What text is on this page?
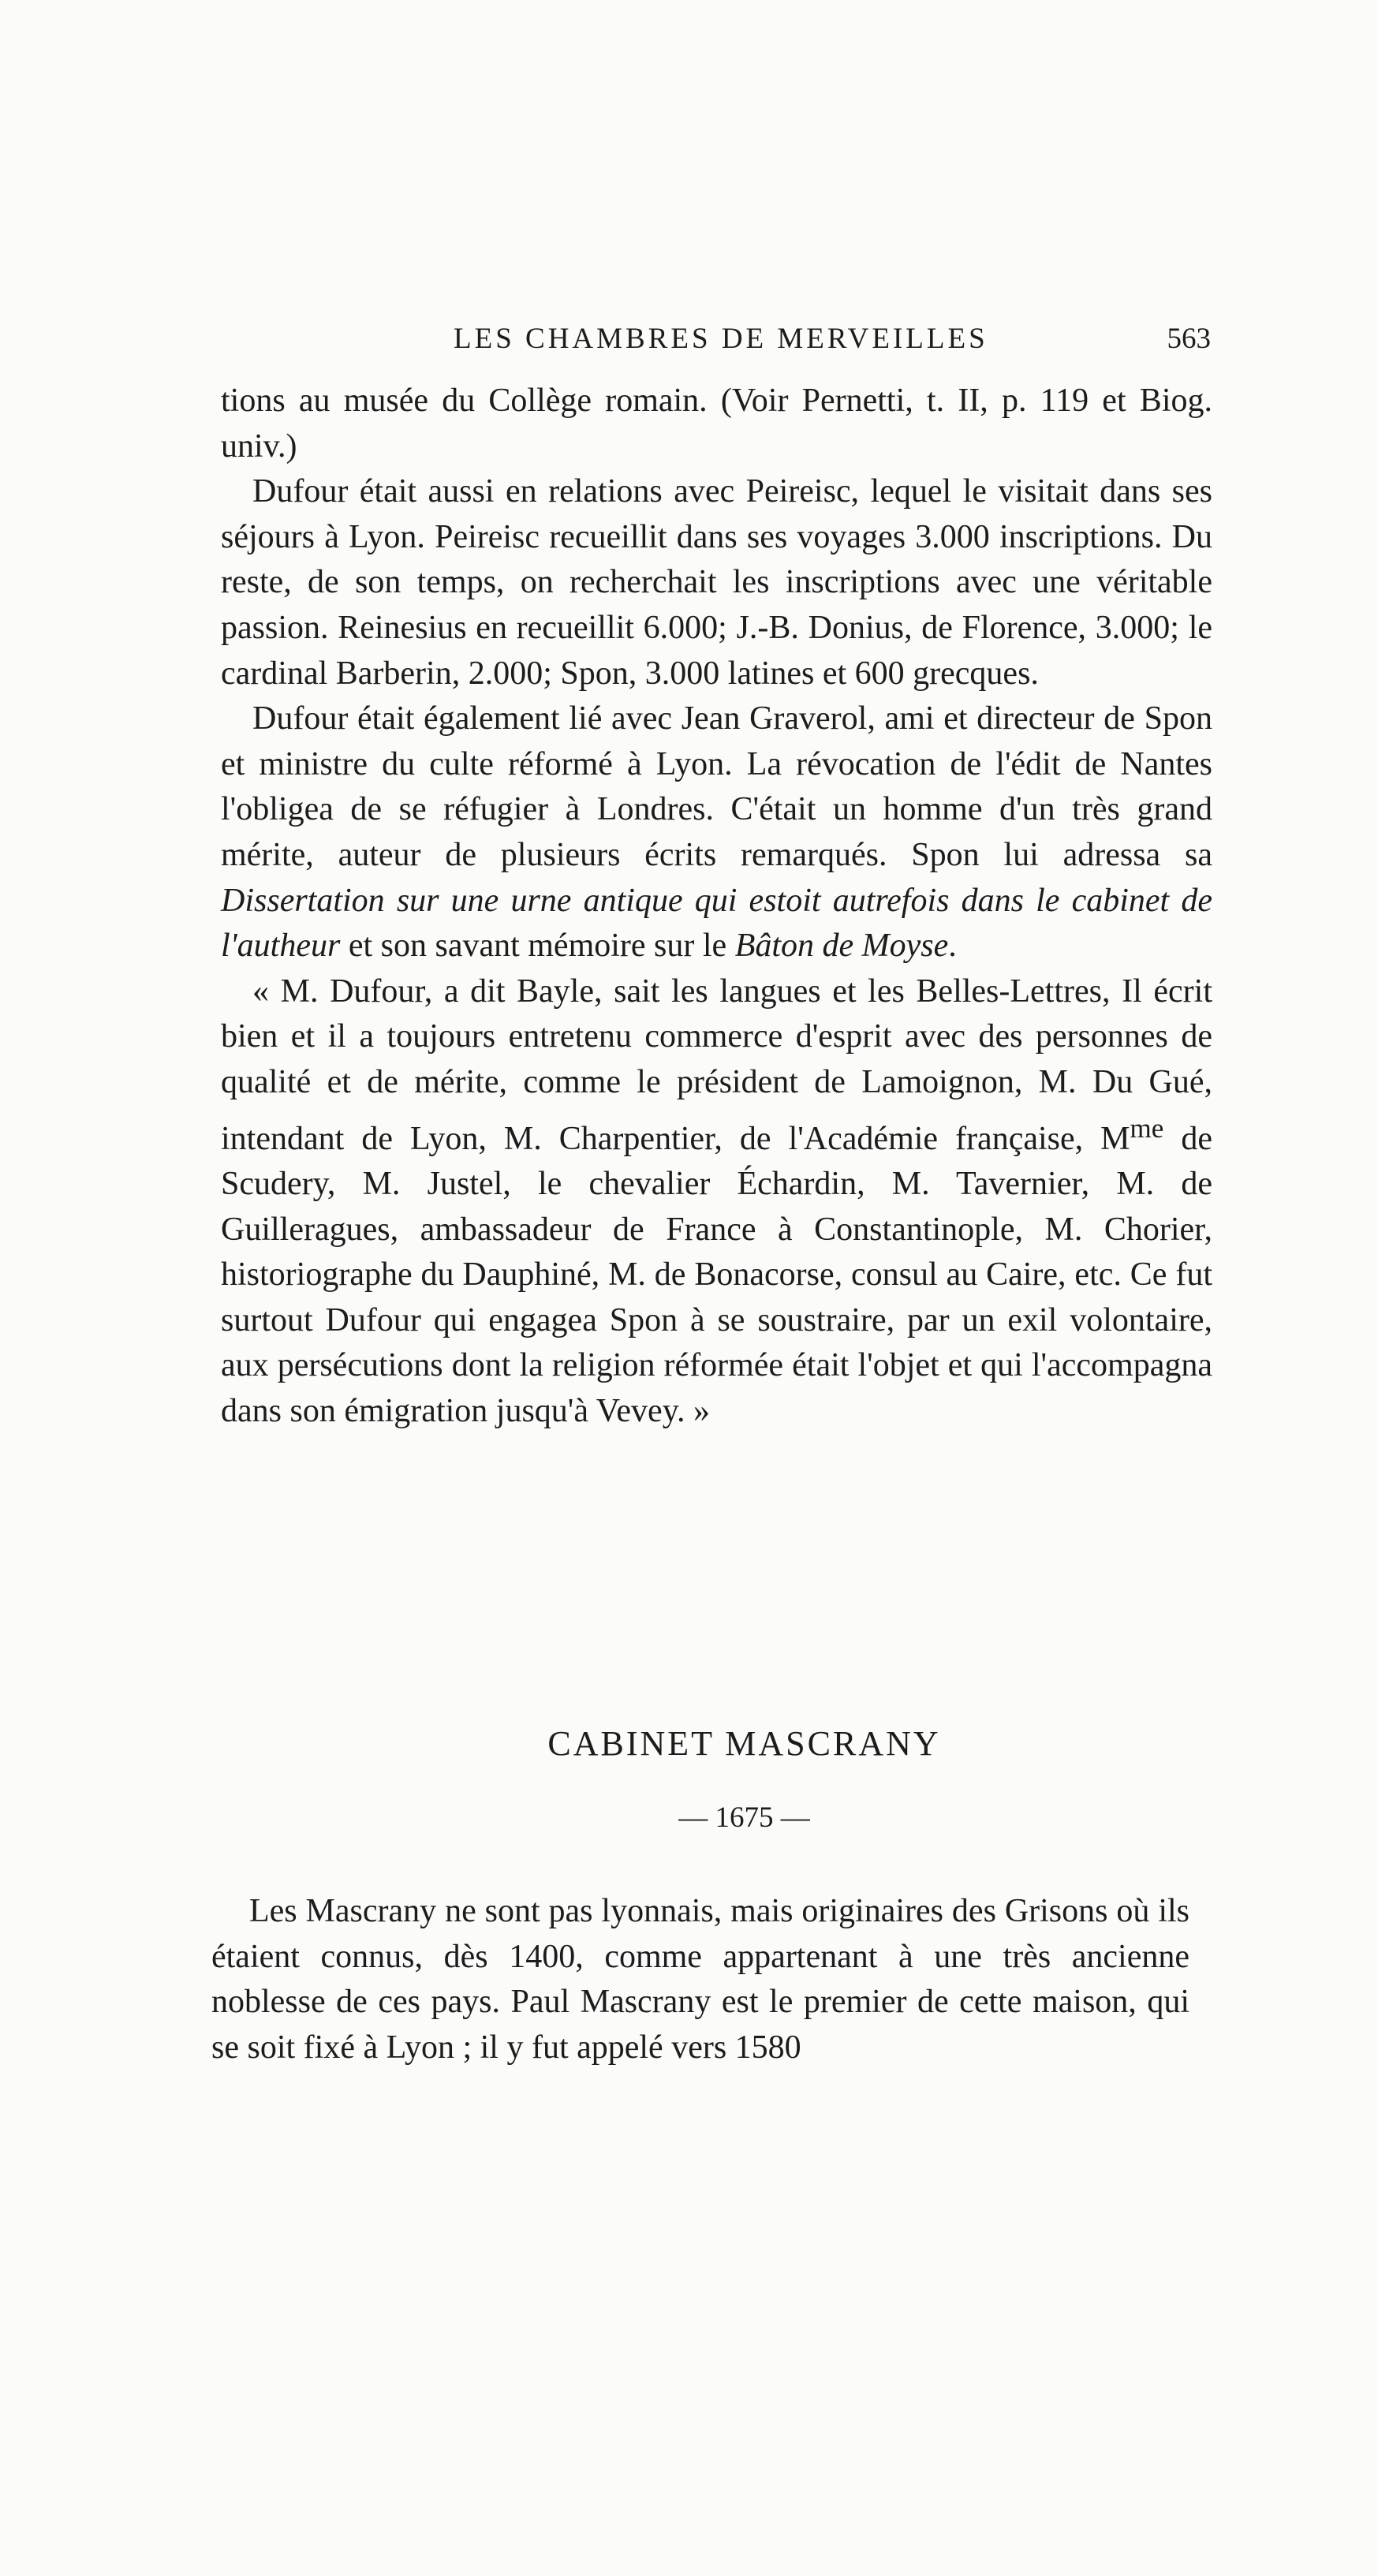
LES CHAMBRES DE MERVEILLES	563

tions au musée du Collège romain. (Voir Pernetti, t. II, p. 119 et Biog. univ.)

Dufour était aussi en relations avec Peireisc, lequel le visitait dans ses séjours à Lyon. Peireisc recueillit dans ses voyages 3.000 inscriptions. Du reste, de son temps, on recherchait les inscriptions avec une véritable passion. Reinesius en recueillit 6.000; J.-B. Donius, de Florence, 3.000; le cardinal Barberin, 2.000; Spon, 3.000 latines et 600 grecques.

Dufour était également lié avec Jean Graverol, ami et directeur de Spon et ministre du culte réformé à Lyon. La révocation de l'édit de Nantes l'obligea de se réfugier à Londres. C'était un homme d'un très grand mérite, auteur de plusieurs écrits remarqués. Spon lui adressa sa Dissertation sur une urne antique qui estoit autrefois dans le cabinet de l'autheur et son savant mémoire sur le Bâton de Moyse.

« M. Dufour, a dit Bayle, sait les langues et les Belles-Lettres, Il écrit bien et il a toujours entretenu commerce d'esprit avec des personnes de qualité et de mérite, comme le président de Lamoignon, M. Du Gué, intendant de Lyon, M. Charpentier, de l'Académie française, $M^{me}$ de Scudery, M. Justel, le chevalier Échardin, M. Tavernier, M. de Guilleragues, ambassadeur de France à Constantinople, M. Chorier, historiographe du Dauphiné, M. de Bonacorse, consul au Caire, etc. Ce fut surtout Dufour qui engagea Spon à se soustraire, par un exil volontaire, aux persécutions dont la religion réformée était l'objet et qui l'accompagna dans son émigration jusqu'à Vevey. »

CABINET MASCRANY
— 1675 —

Les Mascrany ne sont pas lyonnais, mais originaires des Grisons où ils étaient connus, dès 1400, comme appartenant à une très ancienne noblesse de ces pays. Paul Mascrany est le premier de cette maison, qui se soit fixé à Lyon ; il y fut appelé vers 1580
